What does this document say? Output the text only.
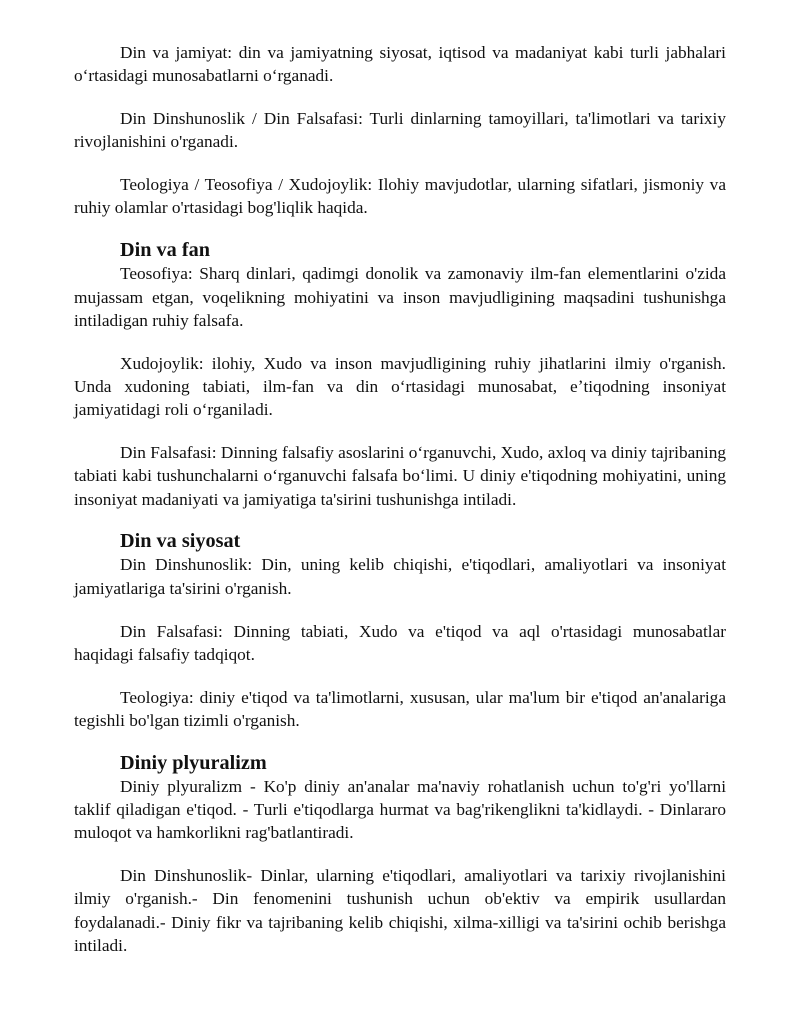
Din va jamiyat: din va jamiyatning siyosat, iqtisod va madaniyat kabi turli jabhalari oʻrtasidagi munosabatlarni oʻrganadi.

Din Dinshunoslik / Din Falsafasi: Turli dinlarning tamoyillari, ta'limotlari va tarixiy rivojlanishini o'rganadi.

Teologiya / Teosofiya / Xudojoylik: Ilohiy mavjudotlar, ularning sifatlari, jismoniy va ruhiy olamlar o'rtasidagi bog'liqlik haqida.

Din va fan

Teosofiya: Sharq dinlari, qadimgi donolik va zamonaviy ilm-fan elementlarini o'zida mujassam etgan, voqelikning mohiyatini va inson mavjudligining maqsadini tushunishga intiladigan ruhiy falsafa.

Xudojoylik: ilohiy, Xudo va inson mavjudligining ruhiy jihatlarini ilmiy o'rganish. Unda xudoning tabiati, ilm-fan va din oʻrtasidagi munosabat, eʼtiqodning insoniyat jamiyatidagi roli oʻrganiladi.

Din Falsafasi: Dinning falsafiy asoslarini oʻrganuvchi, Xudo, axloq va diniy tajribaning tabiati kabi tushunchalarni oʻrganuvchi falsafa boʻlimi. U diniy e'tiqodning mohiyatini, uning insoniyat madaniyati va jamiyatiga ta'sirini tushunishga intiladi.

Din va siyosat

Din Dinshunoslik: Din, uning kelib chiqishi, e'tiqodlari, amaliyotlari va insoniyat jamiyatlariga ta'sirini o'rganish.

Din Falsafasi: Dinning tabiati, Xudo va e'tiqod va aql o'rtasidagi munosabatlar haqidagi falsafiy tadqiqot.

Teologiya: diniy e'tiqod va ta'limotlarni, xususan, ular ma'lum bir e'tiqod an'analariga tegishli bo'lgan tizimli o'rganish.

Diniy plyuralizm

Diniy plyuralizm - Ko'p diniy an'analar ma'naviy rohatlanish uchun to'g'ri yo'llarni taklif qiladigan e'tiqod. - Turli e'tiqodlarga hurmat va bag'rikenglikni ta'kidlaydi. - Dinlararo muloqot va hamkorlikni rag'batlantiradi.

Din Dinshunoslik- Dinlar, ularning e'tiqodlari, amaliyotlari va tarixiy rivojlanishini ilmiy o'rganish.- Din fenomenini tushunish uchun ob'ektiv va empirik usullardan foydalanadi.- Diniy fikr va tajribaning kelib chiqishi, xilma-xilligi va ta'sirini ochib berishga intiladi.
